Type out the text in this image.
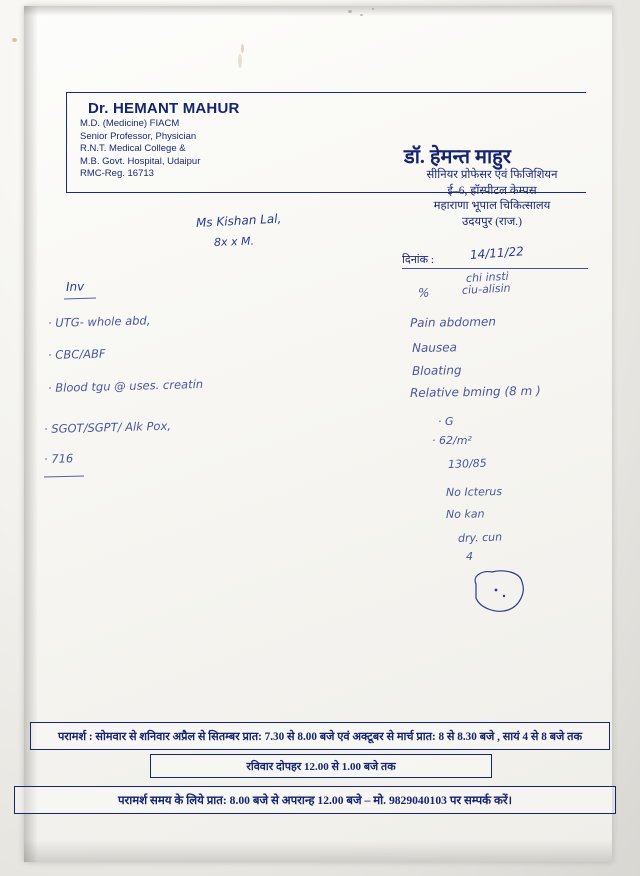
Dr. HEMANT MAHUR
M.D. (Medicine) FIACM
Senior Professor, Physician
R.N.T. Medical College &
M.B. Govt. Hospital, Udaipur
RMC-Reg. 16713
डॉ. हेमन्त माहुर
सीनियर प्रोफेसर एवं फिजिशियन
ई–6, हॉस्पीटल केम्पस
महाराणा भूपाल चिकित्सालय
उदयपुर (राज.)
Ms Kishan Lal,
8x x M.
दिनांक :	14/11/22
Inv
· UTG- whole abd,
· CBC/ABF
· Blood tgu @ uses. creatin
· SGOT/SGPT/ Alk Pox,
· 716
chi insti
%	ciu-alisin
Pain abdomen
Nausea
Bloating
Relative bming (8 m )
· G
· 62/m²
130/85
No Icterus
No kan
dry. cun
4
परामर्श : सोमवार से शनिवार अप्रैल से सितम्बर प्रात: 7.30 से 8.00 बजे एवं अक्टूबर से मार्च प्रात: 8 से 8.30 बजे , सायं 4 से 8 बजे तक
रविवार दोपहर 12.00 से 1.00 बजे तक
परामर्श समय के लिये प्रात: 8.00 बजे से अपरान्ह 12.00 बजे – मो. 9829040103 पर सम्पर्क करें।
